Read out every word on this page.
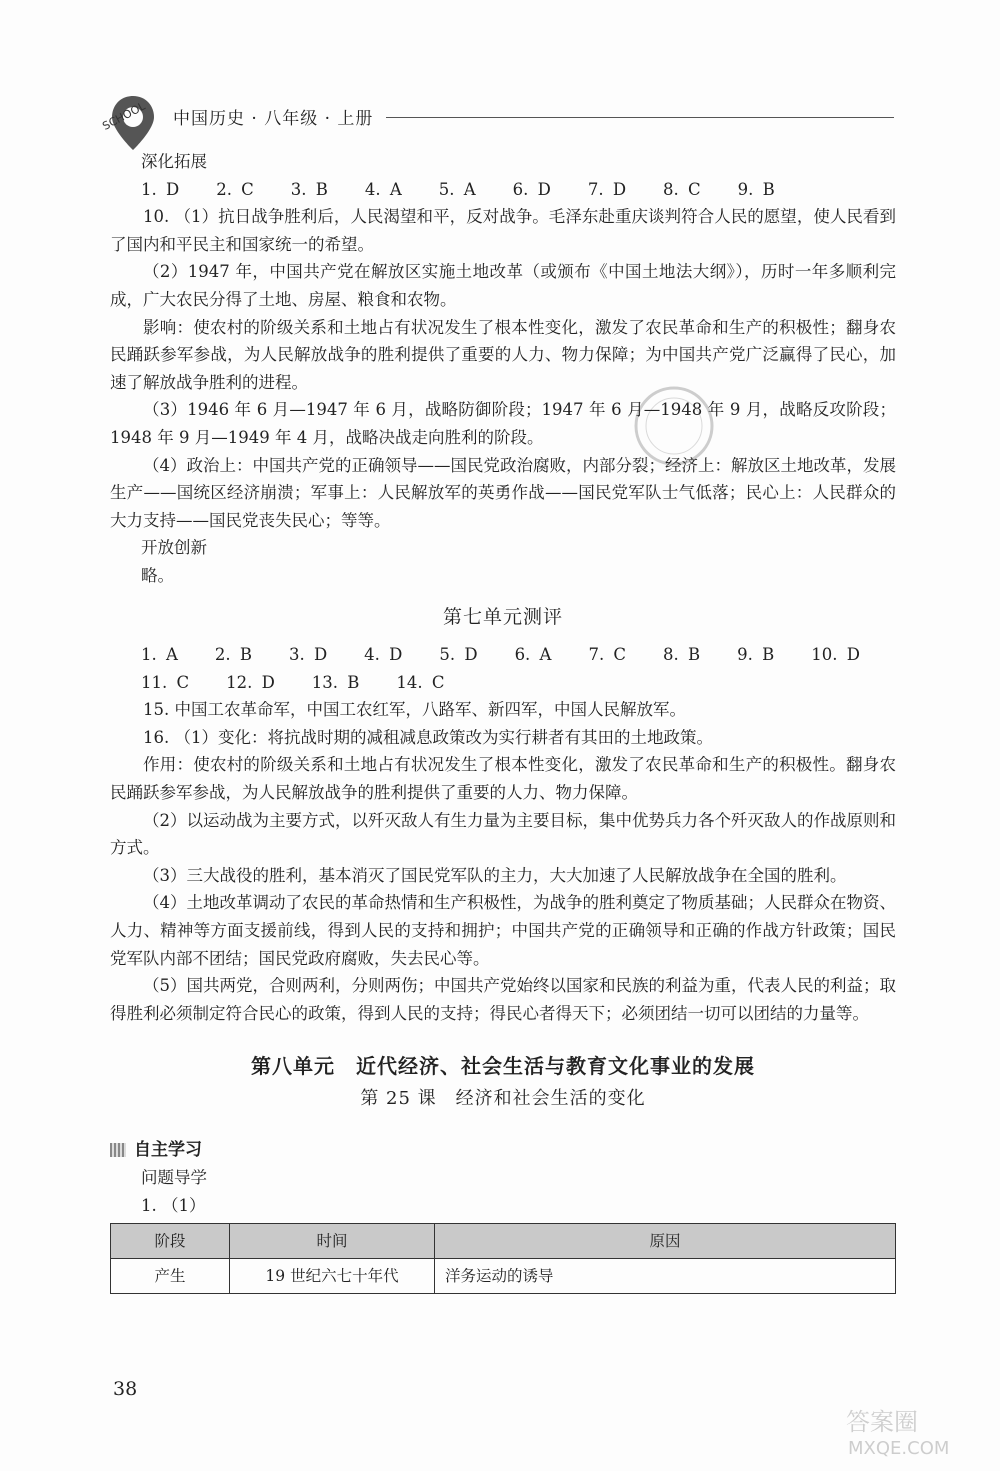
SCHOOL 中国历史 · 八年级 · 上册

深化拓展

1. D    2. C    3. B    4. A    5. A    6. D    7. D    8. C    9. B

10. （1）抗日战争胜利后，人民渴望和平，反对战争。毛泽东赴重庆谈判符合人民的愿望，使人民看到了国内和平民主和国家统一的希望。

（2）1947 年，中国共产党在解放区实施土地改革（或颁布《中国土地法大纲》），历时一年多顺利完成，广大农民分得了土地、房屋、粮食和农物。

影响：使农村的阶级关系和土地占有状况发生了根本性变化，激发了农民革命和生产的积极性；翻身农民踊跃参军参战，为人民解放战争的胜利提供了重要的人力、物力保障；为中国共产党广泛赢得了民心，加速了解放战争胜利的进程。

（3）1946 年 6 月—1947 年 6 月，战略防御阶段；1947 年 6 月—1948 年 9 月，战略反攻阶段；1948 年 9 月—1949 年 4 月，战略决战走向胜利的阶段。

（4）政治上：中国共产党的正确领导——国民党政治腐败，内部分裂；经济上：解放区土地改革，发展生产——国统区经济崩溃；军事上：人民解放军的英勇作战——国民党军队士气低落；民心上：人民群众的大力支持——国民党丧失民心；等等。

开放创新

略。

第七单元测评

1. A    2. B    3. D    4. D    5. D    6. A    7. C    8. B    9. B    10. D

11. C    12. D    13. B    14. C

15. 中国工农革命军，中国工农红军，八路军、新四军，中国人民解放军。

16. （1）变化：将抗战时期的减租减息政策改为实行耕者有其田的土地政策。

作用：使农村的阶级关系和土地占有状况发生了根本性变化，激发了农民革命和生产的积极性。翻身农民踊跃参军参战，为人民解放战争的胜利提供了重要的人力、物力保障。

（2）以运动战为主要方式，以歼灭敌人有生力量为主要目标，集中优势兵力各个歼灭敌人的作战原则和方式。

（3）三大战役的胜利，基本消灭了国民党军队的主力，大大加速了人民解放战争在全国的胜利。

（4）土地改革调动了农民的革命热情和生产积极性，为战争的胜利奠定了物质基础；人民群众在物资、人力、精神等方面支援前线，得到人民的支持和拥护；中国共产党的正确领导和正确的作战方针政策；国民党军队内部不团结；国民党政府腐败，失去民心等。

（5）国共两党，合则两利，分则两伤；中国共产党始终以国家和民族的利益为重，代表人民的利益；取得胜利必须制定符合民心的政策，得到人民的支持；得民心者得天下；必须团结一切可以团结的力量等。

第八单元　近代经济、社会生活与教育文化事业的发展
第 25 课　经济和社会生活的变化
自主学习

问题导学

1. （1）

阶段	时间	原因
产生	19 世纪六七十年代	洋务运动的诱导
38
答案圈
MXQE.COM
